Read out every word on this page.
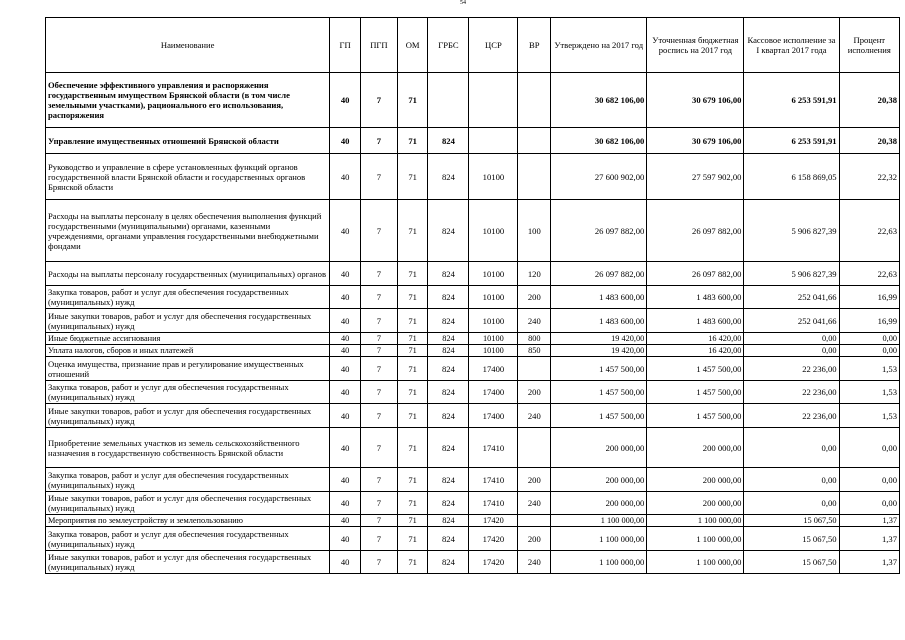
54
Наименование	ГП	ПГП	ОМ	ГРБС	ЦСР	ВР	Утверждено на 2017 год	Уточненная бюджетная роспись на 2017 год	Кассовое исполнение за I квартал 2017 года	Процент исполнения
Обеспечение эффективного управления и распоряжения государственным имуществом Брянской области (в том числе земельными участками), рационального его использования, распоряжения	40	7	71				30 682 106,00	30 679 106,00	6 253 591,91	20,38
Управление имущественных отношений Брянской области	40	7	71	824			30 682 106,00	30 679 106,00	6 253 591,91	20,38
Руководство и управление в сфере установленных функций органов государственной власти Брянской области и государственных органов Брянской области	40	7	71	824	10100		27 600 902,00	27 597 902,00	6 158 869,05	22,32
Расходы на выплаты персоналу в целях обеспечения выполнения функций государственными (муниципальными) органами, казенными учреждениями, органами управления государственными внебюджетными фондами	40	7	71	824	10100	100	26 097 882,00	26 097 882,00	5 906 827,39	22,63
Расходы на выплаты персоналу государственных (муниципальных) органов	40	7	71	824	10100	120	26 097 882,00	26 097 882,00	5 906 827,39	22,63
Закупка товаров, работ и услуг для обеспечения государственных (муниципальных) нужд	40	7	71	824	10100	200	1 483 600,00	1 483 600,00	252 041,66	16,99
Иные закупки товаров, работ и услуг для обеспечения государственных (муниципальных) нужд	40	7	71	824	10100	240	1 483 600,00	1 483 600,00	252 041,66	16,99
Иные бюджетные ассигнования	40	7	71	824	10100	800	19 420,00	16 420,00	0,00	0,00
Уплата налогов, сборов и иных платежей	40	7	71	824	10100	850	19 420,00	16 420,00	0,00	0,00
Оценка имущества, признание прав и регулирование имущественных отношений	40	7	71	824	17400		1 457 500,00	1 457 500,00	22 236,00	1,53
Закупка товаров, работ и услуг для обеспечения государственных (муниципальных) нужд	40	7	71	824	17400	200	1 457 500,00	1 457 500,00	22 236,00	1,53
Иные закупки товаров, работ и услуг для обеспечения государственных (муниципальных) нужд	40	7	71	824	17400	240	1 457 500,00	1 457 500,00	22 236,00	1,53
Приобретение земельных участков из земель сельскохозяйственного назначения в государственную собственность Брянской области	40	7	71	824	17410		200 000,00	200 000,00	0,00	0,00
Закупка товаров, работ и услуг для обеспечения государственных (муниципальных) нужд	40	7	71	824	17410	200	200 000,00	200 000,00	0,00	0,00
Иные закупки товаров, работ и услуг для обеспечения государственных (муниципальных) нужд	40	7	71	824	17410	240	200 000,00	200 000,00	0,00	0,00
Мероприятия по землеустройству и землепользованию	40	7	71	824	17420		1 100 000,00	1 100 000,00	15 067,50	1,37
Закупка товаров, работ и услуг для обеспечения государственных (муниципальных) нужд	40	7	71	824	17420	200	1 100 000,00	1 100 000,00	15 067,50	1,37
Иные закупки товаров, работ и услуг для обеспечения государственных (муниципальных) нужд	40	7	71	824	17420	240	1 100 000,00	1 100 000,00	15 067,50	1,37
